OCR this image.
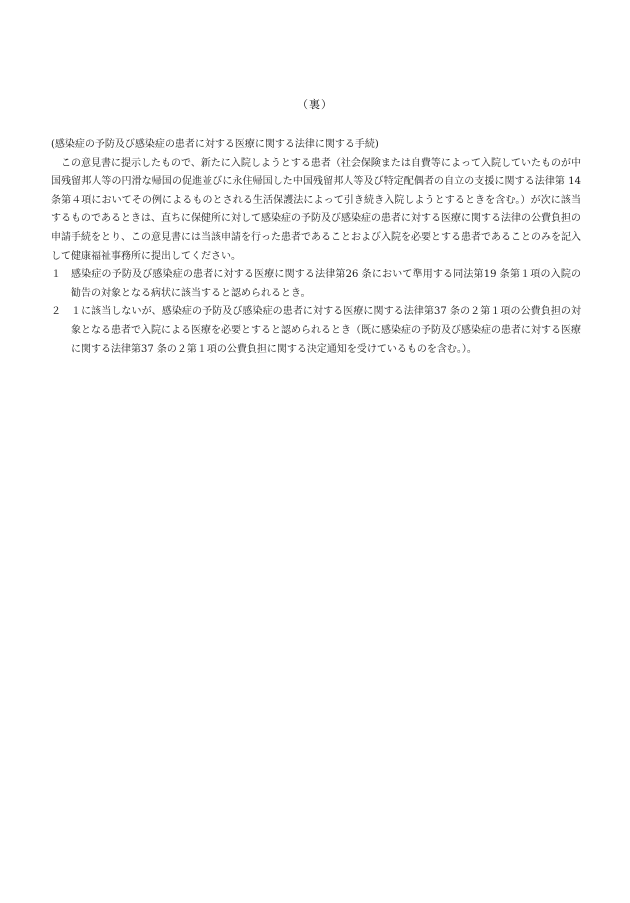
（裏）

(感染症の予防及び感染症の患者に対する医療に関する法律に関する手続)

この意見書に提示したもので、新たに入院しようとする患者（社会保険または自費等によって入院していたものが中国残留邦人等の円滑な帰国の促進並びに永住帰国した中国残留邦人等及び特定配偶者の自立の支援に関する法律第 14 条第４項においてその例によるものとされる生活保護法によって引き続き入院しようとするときを含む。）が次に該当するものであるときは、直ちに保健所に対して感染症の予防及び感染症の患者に対する医療に関する法律の公費負担の申請手続をとり、この意見書には当該申請を行った患者であることおよび入院を必要とする患者であることのみを記入して健康福祉事務所に提出してください。

１	感染症の予防及び感染症の患者に対する医療に関する法律第26 条において準用する同法第19 条第１項の入院の勧告の対象となる病状に該当すると認められるとき。
２	１に該当しないが、感染症の予防及び感染症の患者に対する医療に関する法律第37 条の２第１項の公費負担の対象となる患者で入院による医療を必要とすると認められるとき（既に感染症の予防及び感染症の患者に対する医療に関する法律第37 条の２第１項の公費負担に関する決定通知を受けているものを含む。）。
